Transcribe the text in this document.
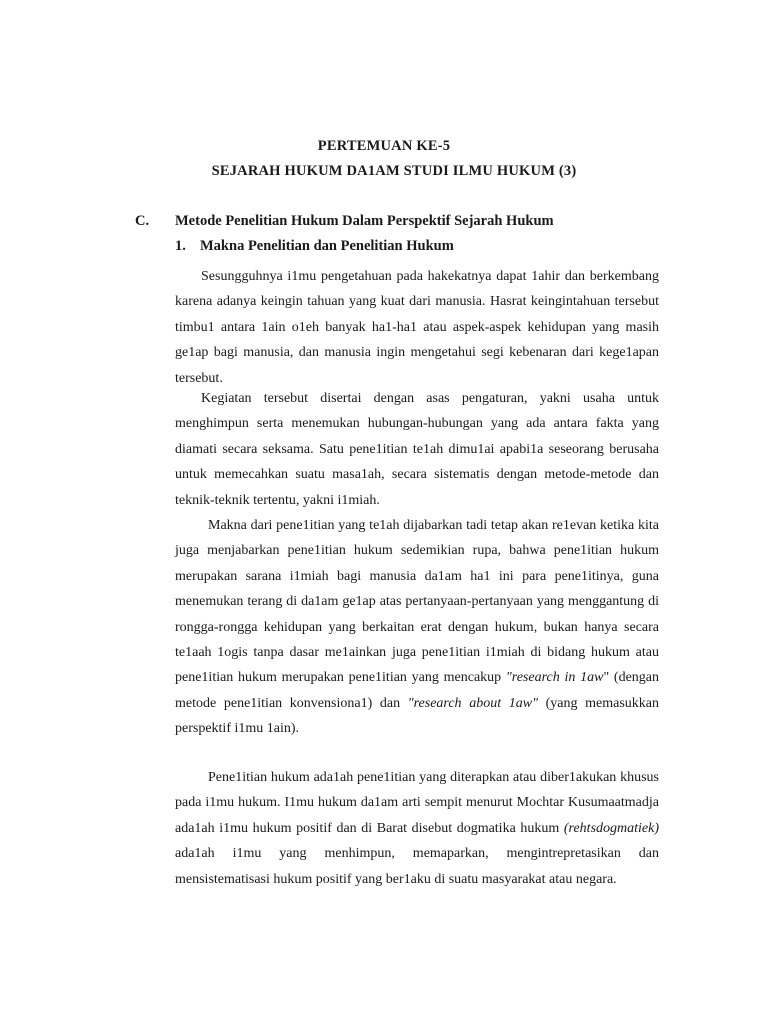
PERTEMUAN KE-5
SEJARAH HUKUM DA1AM STUDI ILMU HUKUM (3)
C. Metode Penelitian Hukum Dalam Perspektif Sejarah Hukum
1. Makna Penelitian dan Penelitian Hukum

Sesungguhnya i1mu pengetahuan pada hakekatnya dapat 1ahir dan berkembang karena adanya keingin tahuan yang kuat dari manusia. Hasrat keingintahuan tersebut timbu1 antara 1ain o1eh banyak ha1-ha1 atau aspek-aspek kehidupan yang masih ge1ap bagi manusia, dan manusia ingin mengetahui segi kebenaran dari kege1apan tersebut.

Kegiatan tersebut disertai dengan asas pengaturan, yakni usaha untuk menghimpun serta menemukan hubungan-hubungan yang ada antara fakta yang diamati secara seksama. Satu pene1itian te1ah dimu1ai apabi1a seseorang berusaha untuk memecahkan suatu masa1ah, secara sistematis dengan metode-metode dan teknik-teknik tertentu, yakni i1miah.

Makna dari pene1itian yang te1ah dijabarkan tadi tetap akan re1evan ketika kita juga menjabarkan pene1itian hukum sedemikian rupa, bahwa pene1itian hukum merupakan sarana i1miah bagi manusia da1am ha1 ini para pene1itinya, guna menemukan terang di da1am ge1ap atas pertanyaan-pertanyaan yang menggantung di rongga-rongga kehidupan yang berkaitan erat dengan hukum, bukan hanya secara te1aah 1ogis tanpa dasar me1ainkan juga pene1itian i1miah di bidang hukum atau pene1itian hukum merupakan pene1itian yang mencakup "research in 1aw" (dengan metode pene1itian konvensiona1) dan "research about 1aw" (yang memasukkan perspektif i1mu 1ain).

Pene1itian hukum ada1ah pene1itian yang diterapkan atau diber1akukan khusus pada i1mu hukum. I1mu hukum da1am arti sempit menurut Mochtar Kusumaatmadja ada1ah i1mu hukum positif dan di Barat disebut dogmatika hukum (rehtsdogmatiek) ada1ah i1mu yang menhimpun, memaparkan, mengintrepretasikan dan mensistematisasi hukum positif yang ber1aku di suatu masyarakat atau negara.
